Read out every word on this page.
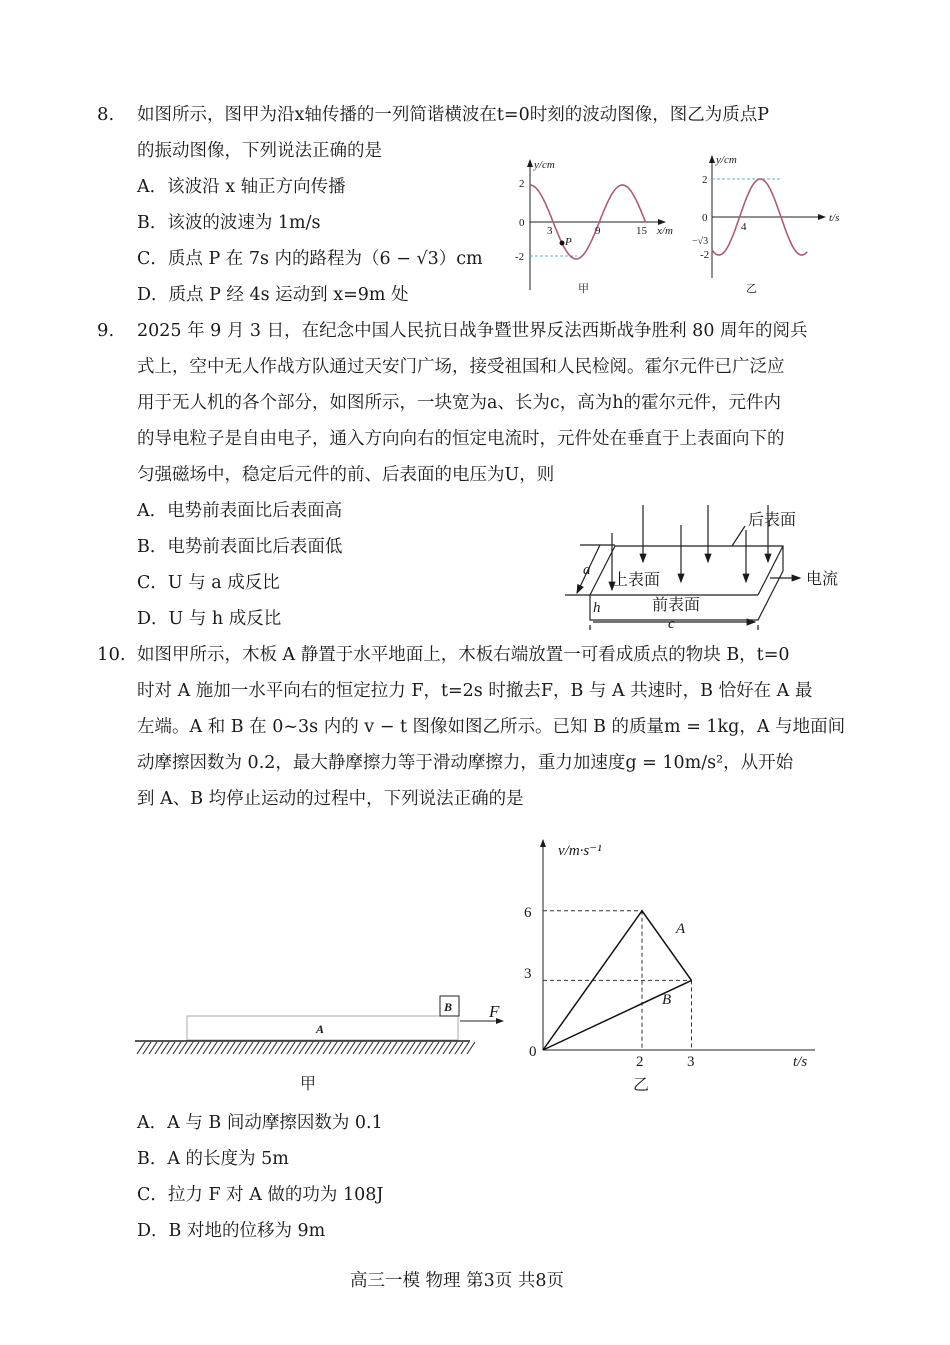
8. 如图所示，图甲为沿x轴传播的一列简谐横波在t=0时刻的波动图像，图乙为质点P
的振动图像，下列说法正确的是
A．该波沿 x 轴正方向传播
B．该波的波速为 1m/s
C．质点 P 在 7s 内的路程为（6 − √3）cm
D．质点 P 经 4s 运动到 x=9m 处
y/cm
2
0
-2
3	9	15 x/m
P
甲
y/cm
2
0
−√3
-2
4
t/s
乙
后表面
上表面
前表面
电流
a
h
c
A
B F
甲
v/m·s⁻¹
t/s
0
2	3
6
3
A
B
乙
9. 2025 年 9 月 3 日，在纪念中国人民抗日战争暨世界反法西斯战争胜利 80 周年的阅兵
式上，空中无人作战方队通过天安门广场，接受祖国和人民检阅。霍尔元件已广泛应
用于无人机的各个部分，如图所示，一块宽为a、长为c，高为h的霍尔元件，元件内
的导电粒子是自由电子，通入方向向右的恒定电流时，元件处在垂直于上表面向下的
匀强磁场中，稳定后元件的前、后表面的电压为U，则
A．电势前表面比后表面高
B．电势前表面比后表面低
C．U 与 a 成反比
D．U 与 h 成反比
10. 如图甲所示，木板 A 静置于水平地面上，木板右端放置一可看成质点的物块 B，t=0
时对 A 施加一水平向右的恒定拉力 F，t=2s 时撤去F，B 与 A 共速时，B 恰好在 A 最
左端。A 和 B 在 0~3s 内的 v − t 图像如图乙所示。已知 B 的质量m = 1kg，A 与地面间
动摩擦因数为 0.2，最大静摩擦力等于滑动摩擦力，重力加速度g = 10m/s²，从开始
到 A、B 均停止运动的过程中，下列说法正确的是
A．A 与 B 间动摩擦因数为 0.1
B．A 的长度为 5m
C．拉力 F 对 A 做的功为 108J
D．B 对地的位移为 9m
高三一模 物理 第3页 共8页
